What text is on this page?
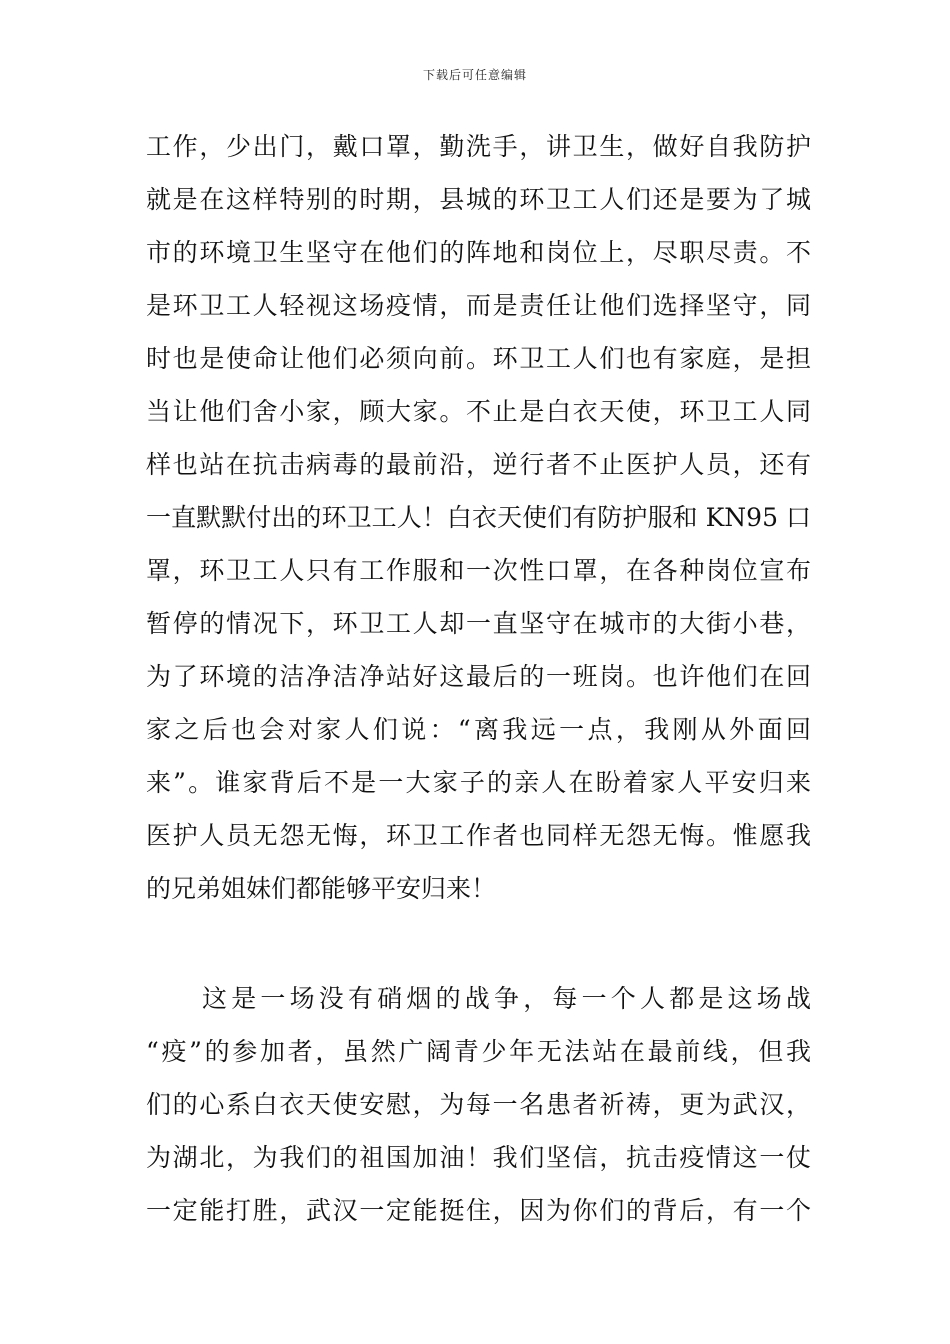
下载后可任意编辑
工作，少出门，戴口罩，勤洗手，讲卫生，做好自我防护
就是在这样特别的时期，县城的环卫工人们还是要为了城
市的环境卫生坚守在他们的阵地和岗位上，尽职尽责。不
是环卫工人轻视这场疫情，而是责任让他们选择坚守，同
时也是使命让他们必须向前。环卫工人们也有家庭，是担
当让他们舍小家，顾大家。不止是白衣天使，环卫工人同
样也站在抗击病毒的最前沿，逆行者不止医护人员，还有
一直默默付出的环卫工人！白衣天使们有防护服和 KN95 口
罩，环卫工人只有工作服和一次性口罩，在各种岗位宣布
暂停的情况下，环卫工人却一直坚守在城市的大街小巷，
为了环境的洁净洁净站好这最后的一班岗。也许他们在回
家之后也会对家人们说：“离我远一点，我刚从外面回
来”。谁家背后不是一大家子的亲人在盼着家人平安归来
医护人员无怨无悔，环卫工作者也同样无怨无悔。惟愿我
的兄弟姐妹们都能够平安归来！
这是一场没有硝烟的战争，每一个人都是这场战
“疫”的参加者，虽然广阔青少年无法站在最前线，但我
们的心系白衣天使安慰，为每一名患者祈祷，更为武汉，
为湖北，为我们的祖国加油！我们坚信，抗击疫情这一仗
一定能打胜，武汉一定能挺住，因为你们的背后，有一个
